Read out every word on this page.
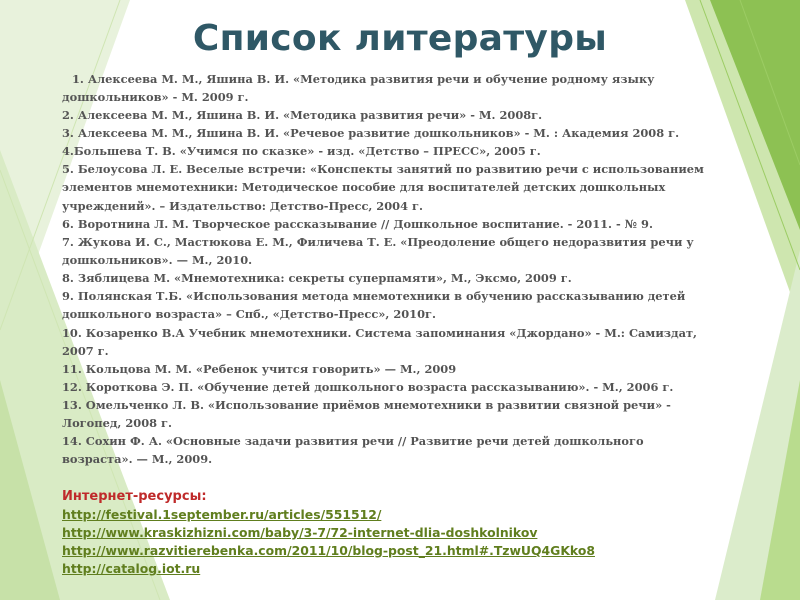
Список литературы
1. Алексеева М. М., Яшина В. И. «Методика развития речи и обучение родному языку дошкольников» - М. 2009 г.
2. Алексеева М. М., Яшина В. И. «Методика развития речи» - М. 2008г.
3. Алексеева М. М., Яшина В. И. «Речевое развитие дошкольников» - М. : Академия 2008 г.
4.Большева Т. В. «Учимся по сказке» - изд. «Детство – ПРЕСС», 2005 г.
5. Белоусова Л. Е. Веселые встречи: «Конспекты занятий по развитию речи с использованием элементов мнемотехники: Методическое пособие для воспитателей детских дошкольных учреждений». – Издательство: Детство-Пресс, 2004 г.
6. Воротнина Л. М. Творческое рассказывание // Дошкольное воспитание. - 2011. - № 9.
7. Жукова И. С., Мастюкова Е. М., Филичева Т. Е. «Преодоление общего недоразвития речи у дошкольников». — М., 2010.
8. Зяблицева М. «Мнемотехника: секреты суперпамяти», М., Эксмо, 2009 г.
9. Полянская Т.Б. «Использования метода мнемотехники в обучению рассказыванию детей дошкольного возраста» – Спб., «Детство-Пресс», 2010г.
10. Козаренко В.А Учебник мнемотехники. Система запоминания «Джордано» - М.: Самиздат, 2007 г.
11. Кольцова М. М. «Ребенок учится говорить» — М., 2009
12. Короткова Э. П. «Обучение детей дошкольного возраста рассказыванию». - М., 2006 г.
13. Омельченко Л. В. «Использование приёмов мнемотехники в развитии связной речи» - Логопед, 2008 г.
14. Сохин Ф. А. «Основные задачи развития речи // Развитие речи детей дошкольного возраста». — М., 2009.
Интернет-ресурсы:
http://festival.1september.ru/articles/551512/
http://www.kraskizhizni.com/baby/3-7/72-internet-dlia-doshkolnikov
http://www.razvitierebenka.com/2011/10/blog-post_21.html#.TzwUQ4GKko8
http://catalog.iot.ru
